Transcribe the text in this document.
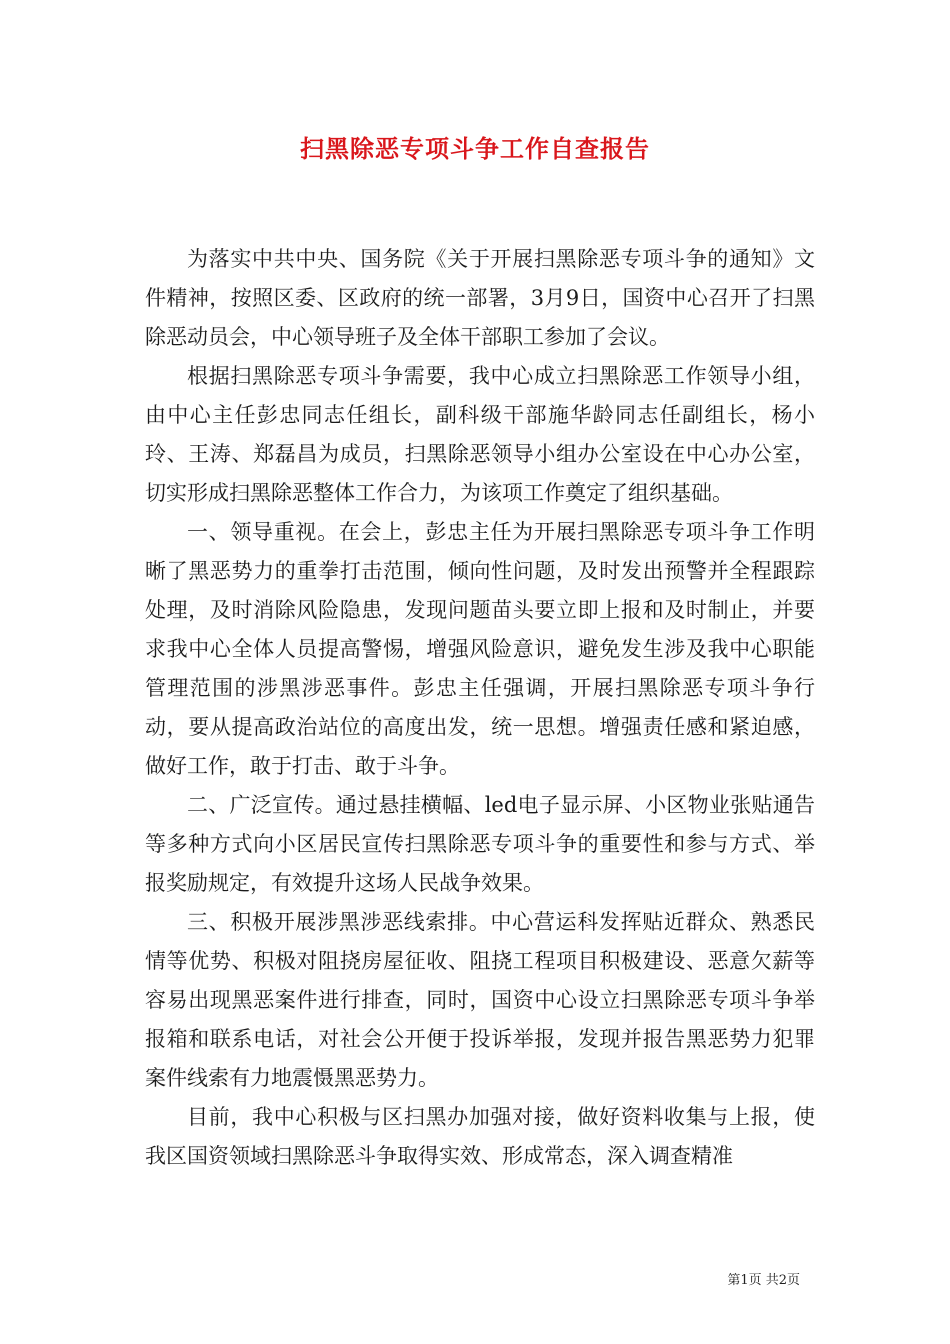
扫黑除恶专项斗争工作自查报告

为落实中共中央、国务院《关于开展扫黑除恶专项斗争的通知》文件精神，按照区委、区政府的统一部署，3月9日，国资中心召开了扫黑除恶动员会，中心领导班子及全体干部职工参加了会议。

根据扫黑除恶专项斗争需要，我中心成立扫黑除恶工作领导小组，由中心主任彭忠同志任组长，副科级干部施华龄同志任副组长，杨小玲、王涛、郑磊昌为成员，扫黑除恶领导小组办公室设在中心办公室，切实形成扫黑除恶整体工作合力，为该项工作奠定了组织基础。

一、领导重视。在会上，彭忠主任为开展扫黑除恶专项斗争工作明晰了黑恶势力的重拳打击范围，倾向性问题，及时发出预警并全程跟踪处理，及时消除风险隐患，发现问题苗头要立即上报和及时制止，并要求我中心全体人员提高警惕，增强风险意识，避免发生涉及我中心职能管理范围的涉黑涉恶事件。彭忠主任强调，开展扫黑除恶专项斗争行动，要从提高政治站位的高度出发，统一思想。增强责任感和紧迫感，做好工作，敢于打击、敢于斗争。

二、广泛宣传。通过悬挂横幅、led电子显示屏、小区物业张贴通告等多种方式向小区居民宣传扫黑除恶专项斗争的重要性和参与方式、举报奖励规定，有效提升这场人民战争效果。

三、积极开展涉黑涉恶线索排。中心营运科发挥贴近群众、熟悉民情等优势、积极对阻挠房屋征收、阻挠工程项目积极建设、恶意欠薪等容易出现黑恶案件进行排查，同时，国资中心设立扫黑除恶专项斗争举报箱和联系电话，对社会公开便于投诉举报，发现并报告黑恶势力犯罪案件线索有力地震慑黑恶势力。

目前，我中心积极与区扫黑办加强对接，做好资料收集与上报，使我区国资领域扫黑除恶斗争取得实效、形成常态，深入调查精准

第1页 共2页
